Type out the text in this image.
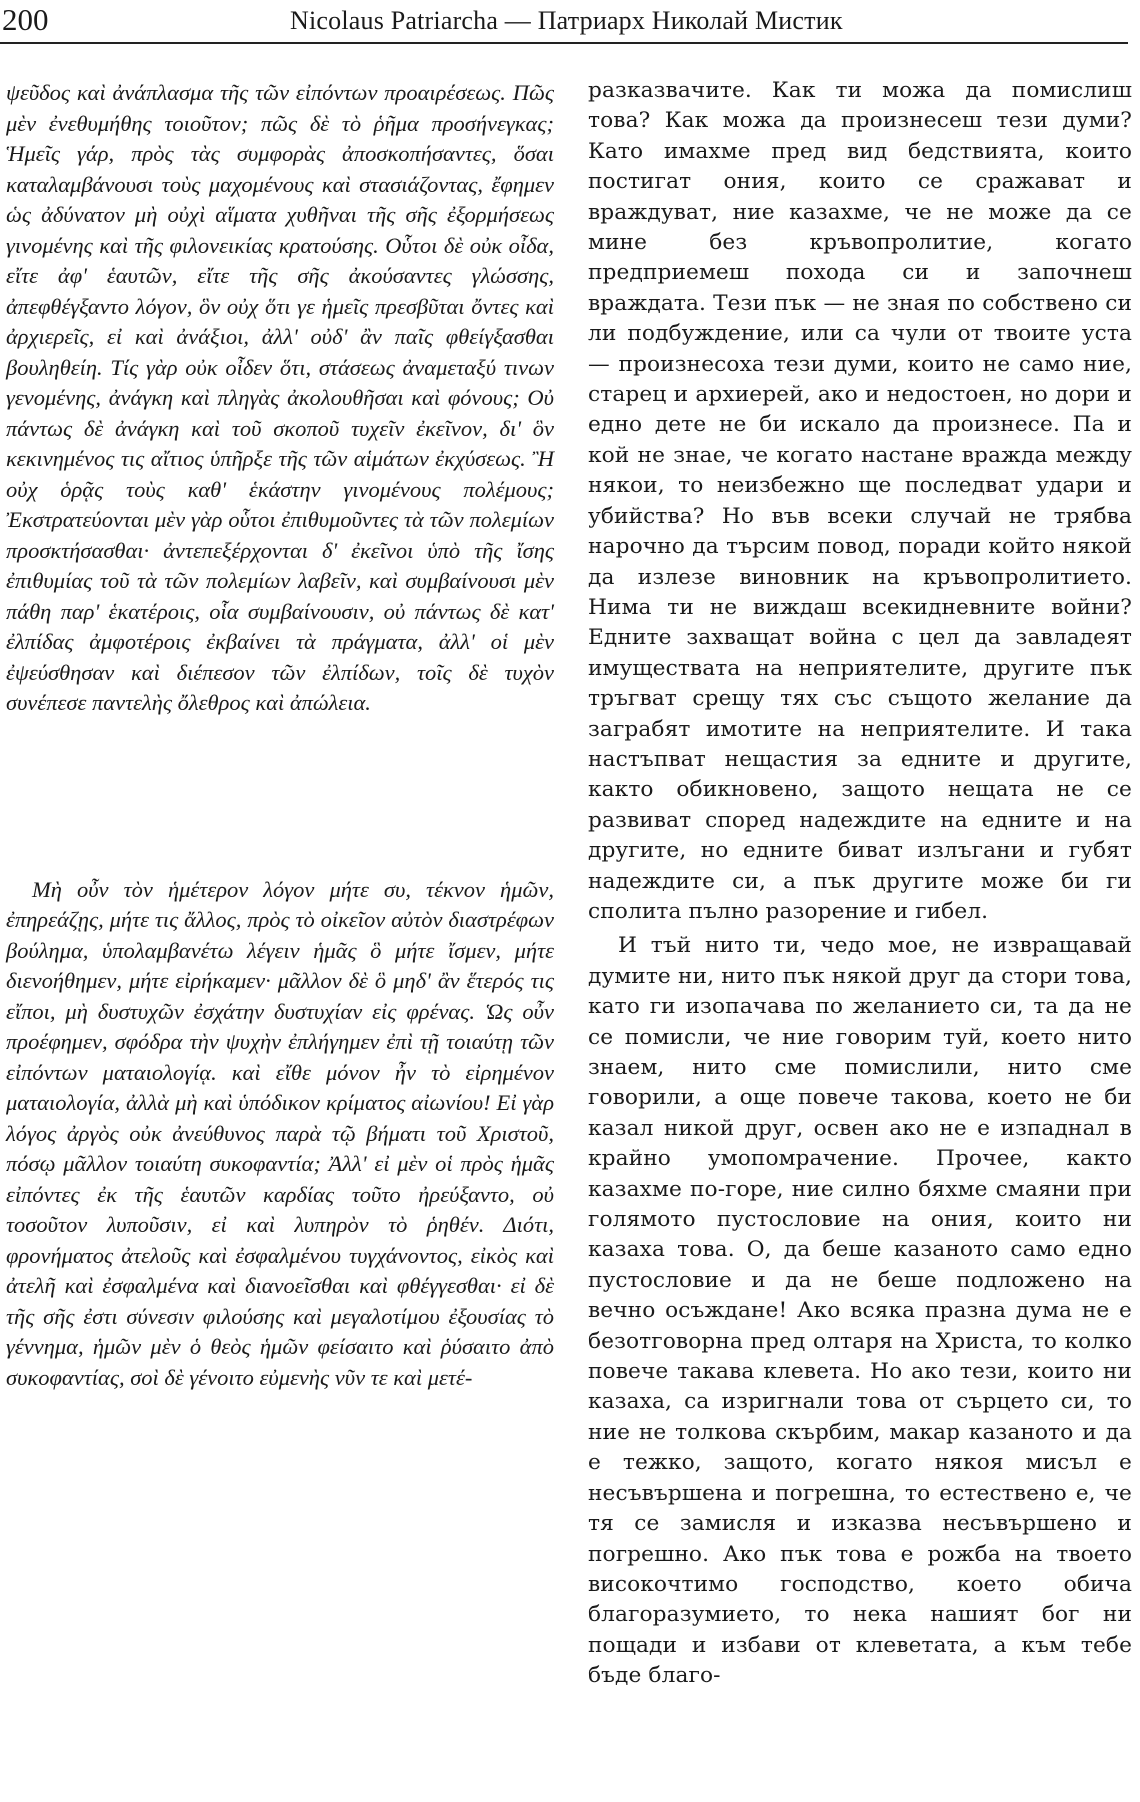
200	Nicolaus Patriarcha — Патриарх Николай Мистик

ψεῦδος καὶ ἀνάπλασμα τῆς τῶν εἰπόντων προαιρέσεως. Πῶς μὲν ἐνεθυμήθης τοιοῦτον; πῶς δὲ τὸ ῥῆμα προσήνεγκας; Ἡμεῖς γάρ, πρὸς τὰς συμφορὰς ἀποσκοπήσαντες, ὅσαι καταλαμβάνουσι τοὺς μαχομένους καὶ στασιάζοντας, ἔφημεν ὡς ἀδύνατον μὴ οὐχὶ αἵματα χυθῆναι τῆς σῆς ἐξορμήσεως γινομένης καὶ τῆς φιλονεικίας κρατούσης. Οὗτοι δὲ οὐκ οἶδα, εἴτε ἀφ' ἑαυτῶν, εἴτε τῆς σῆς ἀκούσαντες γλώσσης, ἀπεφθέγξαντο λόγον, ὃν οὐχ ὅτι γε ἡμεῖς πρεσβῦται ὄντες καὶ ἀρχιερεῖς, εἰ καὶ ἀνάξιοι, ἀλλ' οὐδ' ἂν παῖς φθείγξασθαι βουληθείη. Τίς γὰρ οὐκ οἶδεν ὅτι, στάσεως ἀναμεταξύ τινων γενομένης, ἀνάγκη καὶ πληγὰς ἀκολουθῆσαι καὶ φόνους; Οὐ πάντως δὲ ἀνάγκη καὶ τοῦ σκοποῦ τυχεῖν ἐκεῖνον, δι' ὃν κεκινημένος τις αἴτιος ὑπῆρξε τῆς τῶν αἱμάτων ἐκχύσεως. Ἢ οὐχ ὁρᾷς τοὺς καθ' ἑκάστην γινομένους πολέμους; Ἐκστρατεύονται μὲν γὰρ οὗτοι ἐπιθυμοῦντες τὰ τῶν πολεμίων προσκτήσασθαι· ἀντεπεξέρχονται δ' ἐκεῖνοι ὑπὸ τῆς ἴσης ἐπιθυμίας τοῦ τὰ τῶν πολεμίων λαβεῖν, καὶ συμβαίνουσι μὲν πάθη παρ' ἑκατέροις, οἷα συμβαίνουσιν, οὐ πάντως δὲ κατ' ἐλπίδας ἀμφοτέροις ἐκβαίνει τὰ πράγματα, ἀλλ' οἱ μὲν ἐψεύσθησαν καὶ διέπεσον τῶν ἐλπίδων, τοῖς δὲ τυχὸν συνέπεσε παντελὴς ὄλεθρος καὶ ἀπώλεια.

Μὴ οὖν τὸν ἡμέτερον λόγον μήτε συ, τέκνον ἡμῶν, ἐπηρεάζῃς, μήτε τις ἄλλος, πρὸς τὸ οἰκεῖον αὐτὸν διαστρέφων βούλημα, ὑπολαμβανέτω λέγειν ἡμᾶς ὃ μήτε ἴσμεν, μήτε διενοήθημεν, μήτε εἰρήκαμεν· μᾶλλον δὲ ὃ μηδ' ἂν ἕτερός τις εἴποι, μὴ δυστυχῶν ἐσχάτην δυστυχίαν εἰς φρένας. Ὡς οὖν προέφημεν, σφόδρα τὴν ψυχὴν ἐπλήγημεν ἐπὶ τῇ τοιαύτῃ τῶν εἰπόντων ματαιολογίᾳ. καὶ εἴθε μόνον ἦν τὸ εἰρημένον ματαιολογία, ἀλλὰ μὴ καὶ ὑπόδικον κρίματος αἰωνίου! Εἰ γὰρ λόγος ἀργὸς οὐκ ἀνεύθυνος παρὰ τῷ βήματι τοῦ Χριστοῦ, πόσῳ μᾶλλον τοιαύτη συκοφαντία; Ἀλλ' εἰ μὲν οἱ πρὸς ἡμᾶς εἰπόντες ἐκ τῆς ἑαυτῶν καρδίας τοῦτο ἠρεύξαντο, οὐ τοσοῦτον λυποῦσιν, εἰ καὶ λυπηρὸν τὸ ῥηθέν. Διότι, φρονήματος ἀτελοῦς καὶ ἐσφαλμένου τυγχάνοντος, εἰκὸς καὶ ἀτελῆ καὶ ἐσφαλμένα καὶ διανοεῖσθαι καὶ φθέγγεσθαι· εἰ δὲ τῆς σῆς ἐστι σύνεσιν φιλούσης καὶ μεγαλοτίμου ἐξουσίας τὸ γέννημα, ἡμῶν μὲν ὁ θεὸς ἡμῶν φείσαιτο καὶ ῥύσαιτο ἀπὸ συκοφαντίας, σοὶ δὲ γένοιτο εὐμενὴς νῦν τε καὶ μετέ-

разказвачите. Как ти можа да помислиш това? Как можа да произнесеш тези думи? Като имахме пред вид бедствията, които постигат ония, които се сражават и враждуват, ние казахме, че не може да се мине без кръвопролитие, когато предприемеш похода си и започнеш враждата. Тези пък — не зная по собствено си ли подбуждение, или са чули от твоите уста — произнесоха тези думи, които не само ние, старец и архиерей, ако и недостоен, но дори и едно дете не би искало да произнесе. Па и кой не знае, че когато настане вражда между някои, то неизбежно ще последват удари и убийства? Но във всеки случай не трябва нарочно да търсим повод, поради който някой да излезе виновник на кръвопролитието. Нима ти не виждаш всекидневните войни? Едните захващат война с цел да завладеят имуществата на неприятелите, другите пък тръгват срещу тях със същото желание да заграбят имотите на неприятелите. И така настъпват нещастия за едните и другите, както обикновено, защото нещата не се развиват според надеждите на едните и на другите, но едните биват излъгани и губят надеждите си, а пък другите може би ги сполита пълно разорение и гибел.

И тъй нито ти, чедо мое, не извращавай думите ни, нито пък някой друг да стори това, като ги изопачава по желанието си, та да не се помисли, че ние говорим туй, което нито знаем, нито сме помислили, нито сме говорили, а още повече такова, което не би казал никой друг, освен ако не е изпаднал в крайно умопомрачение. Прочее, както казахме по-горе, ние силно бяхме смаяни при голямото пустословие на ония, които ни казаха това. О, да беше казаното само едно пустословие и да не беше подложено на вечно осъждане! Ако всяка празна дума не е безотговорна пред олтаря на Христа, то колко повече такава клевета. Но ако тези, които ни казаха, са изригнали това от сърцето си, то ние не толкова скърбим, макар казаното и да е тежко, защото, когато някоя мисъл е несъвършена и погрешна, то естествено е, че тя се замисля и изказва несъвършено и погрешно. Ако пък това е рожба на твоето високочтимо господство, което обича благоразумието, то нека нашият бог ни пощади и избави от клеветата, а към тебе бъде благо-
